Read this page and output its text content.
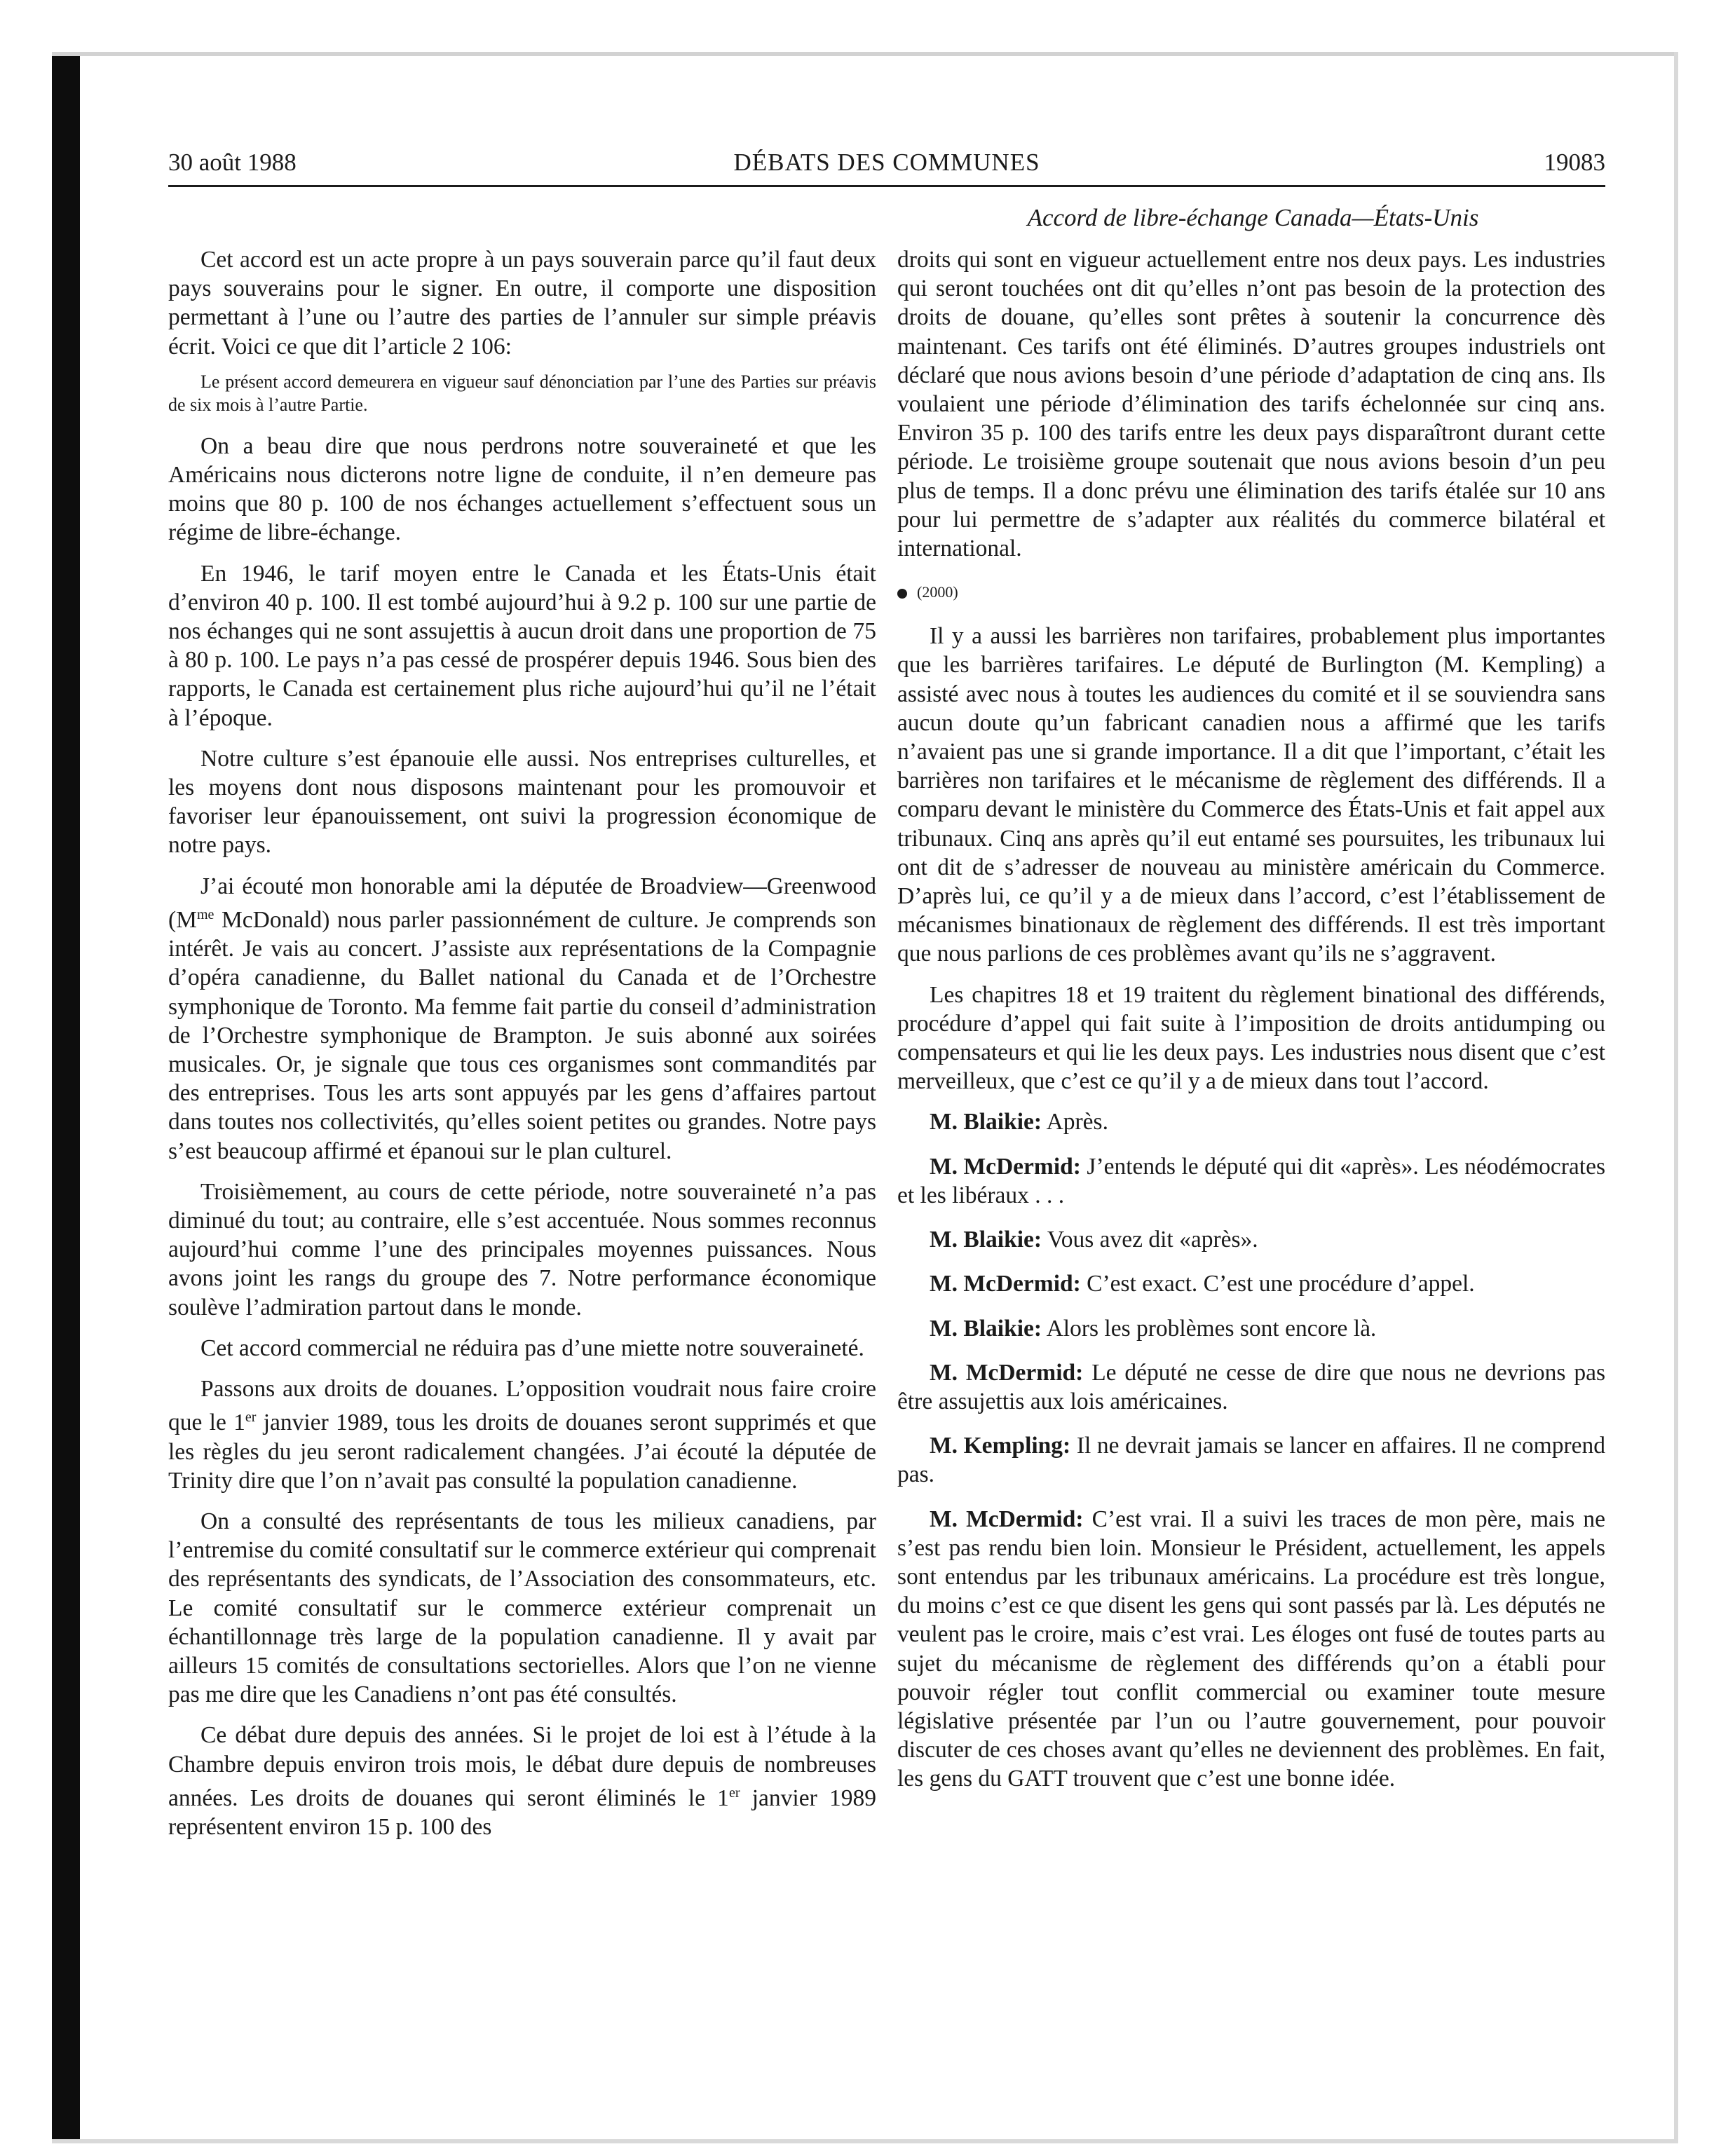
30 août 1988	DÉBATS DES COMMUNES	19083
Accord de libre-échange Canada—États-Unis

Cet accord est un acte propre à un pays souverain parce qu’il faut deux pays souverains pour le signer. En outre, il comporte une disposition permettant à l’une ou l’autre des parties de l’annuler sur simple préavis écrit. Voici ce que dit l’article 2 106:

Le présent accord demeurera en vigueur sauf dénonciation par l’une des Parties sur préavis de six mois à l’autre Partie.

On a beau dire que nous perdrons notre souveraineté et que les Américains nous dicterons notre ligne de conduite, il n’en demeure pas moins que 80 p. 100 de nos échanges actuellement s’effectuent sous un régime de libre-échange.

En 1946, le tarif moyen entre le Canada et les États-Unis était d’environ 40 p. 100. Il est tombé aujourd’hui à 9.2 p. 100 sur une partie de nos échanges qui ne sont assujettis à aucun droit dans une proportion de 75 à 80 p. 100. Le pays n’a pas cessé de prospérer depuis 1946. Sous bien des rapports, le Canada est certainement plus riche aujourd’hui qu’il ne l’était à l’époque.

Notre culture s’est épanouie elle aussi. Nos entreprises culturelles, et les moyens dont nous disposons maintenant pour les promouvoir et favoriser leur épanouissement, ont suivi la progression économique de notre pays.

J’ai écouté mon honorable ami la députée de Broadview—Greenwood ($M^{me}$ McDonald) nous parler passionnément de culture. Je comprends son intérêt. Je vais au concert. J’assiste aux représentations de la Compagnie d’opéra canadienne, du Ballet national du Canada et de l’Orchestre symphonique de Toronto. Ma femme fait partie du conseil d’administration de l’Orchestre symphonique de Brampton. Je suis abonné aux soirées musicales. Or, je signale que tous ces organismes sont commandités par des entreprises. Tous les arts sont appuyés par les gens d’affaires partout dans toutes nos collectivités, qu’elles soient petites ou grandes. Notre pays s’est beaucoup affirmé et épanoui sur le plan culturel.

Troisièmement, au cours de cette période, notre souveraineté n’a pas diminué du tout; au contraire, elle s’est accentuée. Nous sommes reconnus aujourd’hui comme l’une des principales moyennes puissances. Nous avons joint les rangs du groupe des 7. Notre performance économique soulève l’admiration partout dans le monde.

Cet accord commercial ne réduira pas d’une miette notre souveraineté.

Passons aux droits de douanes. L’opposition voudrait nous faire croire que le 1er janvier 1989, tous les droits de douanes seront supprimés et que les règles du jeu seront radicalement changées. J’ai écouté la députée de Trinity dire que l’on n’avait pas consulté la population canadienne.

On a consulté des représentants de tous les milieux canadiens, par l’entremise du comité consultatif sur le commerce extérieur qui comprenait des représentants des syndicats, de l’Association des consommateurs, etc. Le comité consultatif sur le commerce extérieur comprenait un échantillonnage très large de la population canadienne. Il y avait par ailleurs 15 comités de consultations sectorielles. Alors que l’on ne vienne pas me dire que les Canadiens n’ont pas été consultés.

Ce débat dure depuis des années. Si le projet de loi est à l’étude à la Chambre depuis environ trois mois, le débat dure depuis de nombreuses années. Les droits de douanes qui seront éliminés le 1er janvier 1989 représentent environ 15 p. 100 des

droits qui sont en vigueur actuellement entre nos deux pays. Les industries qui seront touchées ont dit qu’elles n’ont pas besoin de la protection des droits de douane, qu’elles sont prêtes à soutenir la concurrence dès maintenant. Ces tarifs ont été éliminés. D’autres groupes industriels ont déclaré que nous avions besoin d’une période d’adaptation de cinq ans. Ils voulaient une période d’élimination des tarifs échelonnée sur cinq ans. Environ 35 p. 100 des tarifs entre les deux pays disparaîtront durant cette période. Le troisième groupe soutenait que nous avions besoin d’un peu plus de temps. Il a donc prévu une élimination des tarifs étalée sur 10 ans pour lui permettre de s’adapter aux réalités du commerce bilatéral et international.

(2000)

Il y a aussi les barrières non tarifaires, probablement plus importantes que les barrières tarifaires. Le député de Burlington (M. Kempling) a assisté avec nous à toutes les audiences du comité et il se souviendra sans aucun doute qu’un fabricant canadien nous a affirmé que les tarifs n’avaient pas une si grande importance. Il a dit que l’important, c’était les barrières non tarifaires et le mécanisme de règlement des différends. Il a comparu devant le ministère du Commerce des États-Unis et fait appel aux tribunaux. Cinq ans après qu’il eut entamé ses poursuites, les tribunaux lui ont dit de s’adresser de nouveau au ministère américain du Commerce. D’après lui, ce qu’il y a de mieux dans l’accord, c’est l’établissement de mécanismes binationaux de règlement des différends. Il est très important que nous parlions de ces problèmes avant qu’ils ne s’aggravent.

Les chapitres 18 et 19 traitent du règlement binational des différends, procédure d’appel qui fait suite à l’imposition de droits antidumping ou compensateurs et qui lie les deux pays. Les industries nous disent que c’est merveilleux, que c’est ce qu’il y a de mieux dans tout l’accord.

M. Blaikie: Après.

M. McDermid: J’entends le député qui dit «après». Les néodémocrates et les libéraux . . .

M. Blaikie: Vous avez dit «après».

M. McDermid: C’est exact. C’est une procédure d’appel.

M. Blaikie: Alors les problèmes sont encore là.

M. McDermid: Le député ne cesse de dire que nous ne devrions pas être assujettis aux lois américaines.

M. Kempling: Il ne devrait jamais se lancer en affaires. Il ne comprend pas.

M. McDermid: C’est vrai. Il a suivi les traces de mon père, mais ne s’est pas rendu bien loin. Monsieur le Président, actuellement, les appels sont entendus par les tribunaux américains. La procédure est très longue, du moins c’est ce que disent les gens qui sont passés par là. Les députés ne veulent pas le croire, mais c’est vrai. Les éloges ont fusé de toutes parts au sujet du mécanisme de règlement des différends qu’on a établi pour pouvoir régler tout conflit commercial ou examiner toute mesure législative présentée par l’un ou l’autre gouvernement, pour pouvoir discuter de ces choses avant qu’elles ne deviennent des problèmes. En fait, les gens du GATT trouvent que c’est une bonne idée.
